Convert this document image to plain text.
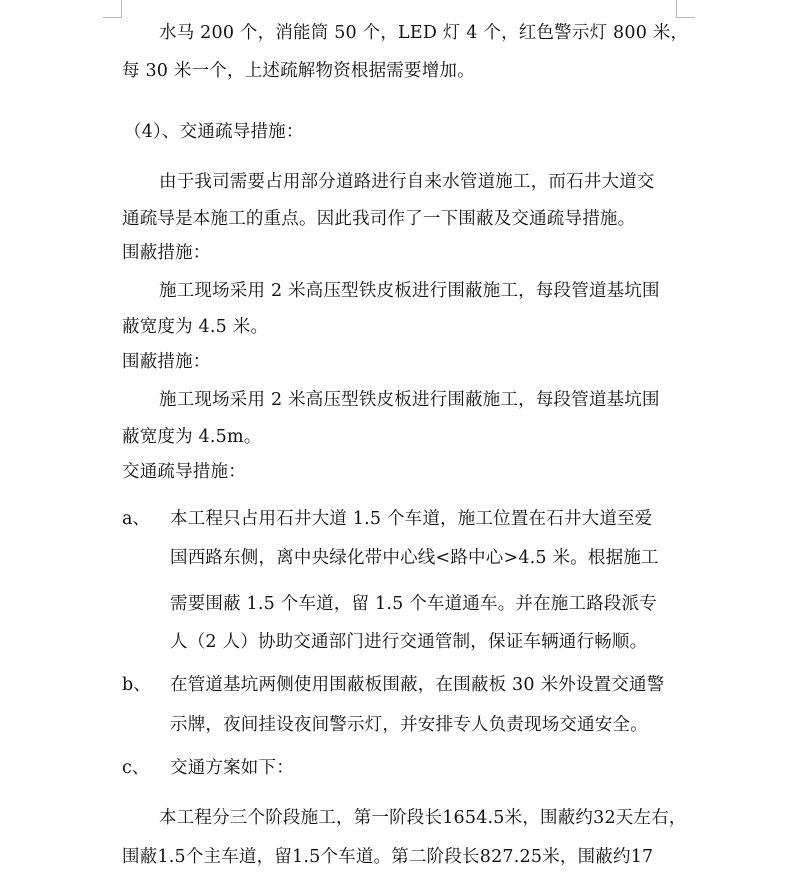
水马 200 个，消能筒 50 个，LED 灯 4 个，红色警示灯 800 米，
每 30 米一个，上述疏解物资根据需要增加。
（4）、交通疏导措施：
由于我司需要占用部分道路进行自来水管道施工，而石井大道交
通疏导是本施工的重点。因此我司作了一下围蔽及交通疏导措施。
围蔽措施：
施工现场采用 2 米高压型铁皮板进行围蔽施工，每段管道基坑围
蔽宽度为 4.5 米。
围蔽措施：
施工现场采用 2 米高压型铁皮板进行围蔽施工，每段管道基坑围
蔽宽度为 4.5m。
交通疏导措施：
a、 本工程只占用石井大道 1.5 个车道，施工位置在石井大道至爱
国西路东侧，离中央绿化带中心线<路中心>4.5 米。根据施工
需要围蔽 1.5 个车道，留 1.5 个车道通车。并在施工路段派专
人（2 人）协助交通部门进行交通管制，保证车辆通行畅顺。
b、 在管道基坑两侧使用围蔽板围蔽，在围蔽板 30 米外设置交通警
示牌，夜间挂设夜间警示灯，并安排专人负责现场交通安全。
c、 交通方案如下：
本工程分三个阶段施工，第一阶段长1654.5米，围蔽约32天左右，
围蔽1.5个主车道，留1.5个车道。第二阶段长827.25米，围蔽约17
